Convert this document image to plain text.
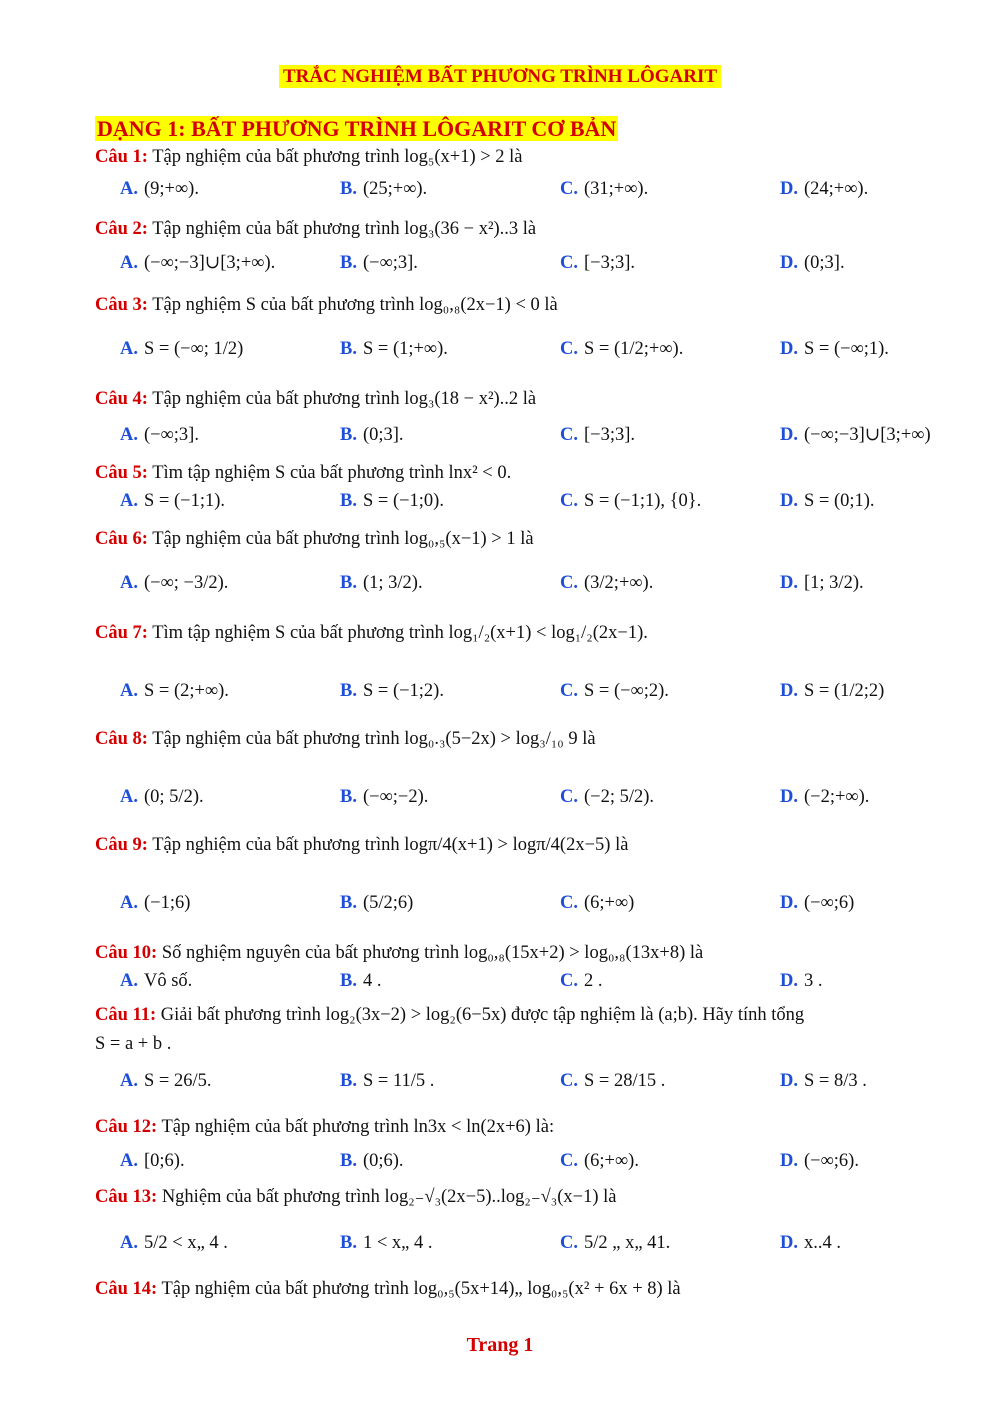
TRẮC NGHIỆM BẤT PHƯƠNG TRÌNH LÔGARIT
DẠNG 1: BẤT PHƯƠNG TRÌNH LÔGARIT CƠ BẢN
Câu 1: Tập nghiệm của bất phương trình log₅(x+1) > 2 là
A. (9;+∞).	B. (25;+∞).	C. (31;+∞).	D. (24;+∞).
Câu 2: Tập nghiệm của bất phương trình log₃(36 − x²)..3 là
A. (−∞;−3]∪[3;+∞).	B. (−∞;3].	C. [−3;3].	D. (0;3].
Câu 3: Tập nghiệm S của bất phương trình log₀,₈(2x−1) < 0 là
A. S = (−∞; 1/2)	B. S = (1;+∞).	C. S = (1/2;+∞).	D. S = (−∞;1).
Câu 4: Tập nghiệm của bất phương trình log₃(18 − x²)..2 là
A. (−∞;3].	B. (0;3].	C. [−3;3].	D. (−∞;−3]∪[3;+∞)
Câu 5: Tìm tập nghiệm S của bất phương trình lnx² < 0.
A. S = (−1;1).	B. S = (−1;0).	C. S = (−1;1), {0}.	D. S = (0;1).
Câu 6: Tập nghiệm của bất phương trình log₀,₅(x−1) > 1 là
A. (−∞; −3/2).	B. (1; 3/2).	C. (3/2;+∞).	D. [1; 3/2).
Câu 7: Tìm tập nghiệm S của bất phương trình log₁/₂(x+1) < log₁/₂(2x−1).
A. S = (2;+∞).	B. S = (−1;2).	C. S = (−∞;2).	D. S = (1/2;2)
Câu 8: Tập nghiệm của bất phương trình log₀.₃(5−2x) > log₃/₁₀ 9 là
A. (0; 5/2).	B. (−∞;−2).	C. (−2; 5/2).	D. (−2;+∞).
Câu 9: Tập nghiệm của bất phương trình logπ/4(x+1) > logπ/4(2x−5) là
A. (−1;6)	B. (5/2;6)	C. (6;+∞)	D. (−∞;6)
Câu 10: Số nghiệm nguyên của bất phương trình log₀,₈(15x+2) > log₀,₈(13x+8) là
A. Vô số.	B. 4 .	C. 2 .	D. 3 .
Câu 11: Giải bất phương trình log₂(3x−2) > log₂(6−5x) được tập nghiệm là (a;b). Hãy tính tổng
S = a + b .
A. S = 26/5.	B. S = 11/5 .	C. S = 28/15 .	D. S = 8/3 .
Câu 12: Tập nghiệm của bất phương trình ln3x < ln(2x+6) là:
A. [0;6).	B. (0;6).	C. (6;+∞).	D. (−∞;6).
Câu 13: Nghiệm của bất phương trình log₂₋√₃(2x−5)..log₂₋√₃(x−1) là
A. 5/2 < x„ 4 .	B. 1 < x„ 4 .	C. 5/2 „ x„ 41.	D. x..4 .
Câu 14: Tập nghiệm của bất phương trình log₀,₅(5x+14)„ log₀,₅(x² + 6x + 8) là
Trang 1
